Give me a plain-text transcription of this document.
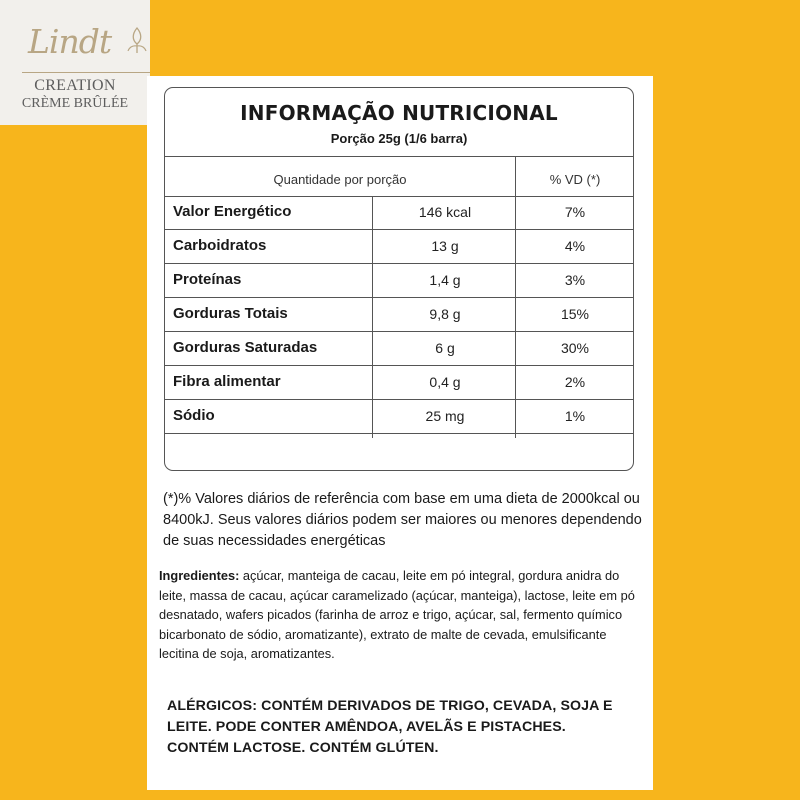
Lindt
CREATION
CRÈME BRÛLÉE	INFORMAÇÃO NUTRICIONAL
Porção 25g (1/6 barra)
Quantidade por porção	% VD (*)
Valor Energético	146 kcal	7%
Carboidratos	13 g	4%
Proteínas	1,4 g	3%
Gorduras Totais	9,8 g	15%
Gorduras Saturadas	6 g	30%
Fibra alimentar	0,4 g	2%
Sódio	25 mg	1%
(*)% Valores diários de referência com base em uma dieta de 2000kcal ou 8400kJ. Seus valores diários podem ser maiores ou menores dependendo de suas necessidades energéticas
Ingredientes: açúcar, manteiga de cacau, leite em pó integral, gordura anidra do leite, massa de cacau, açúcar caramelizado (açúcar, manteiga), lactose, leite em pó desnatado, wafers picados (farinha de arroz e trigo, açúcar, sal, fermento químico bicarbonato de sódio, aromatizante), extrato de malte de cevada, emulsificante lecitina de soja, aromatizantes.
ALÉRGICOS: CONTÉM DERIVADOS DE TRIGO, CEVADA, SOJA E LEITE. PODE CONTER AMÊNDOA, AVELÃS E PISTACHES. CONTÉM LACTOSE. CONTÉM GLÚTEN.
